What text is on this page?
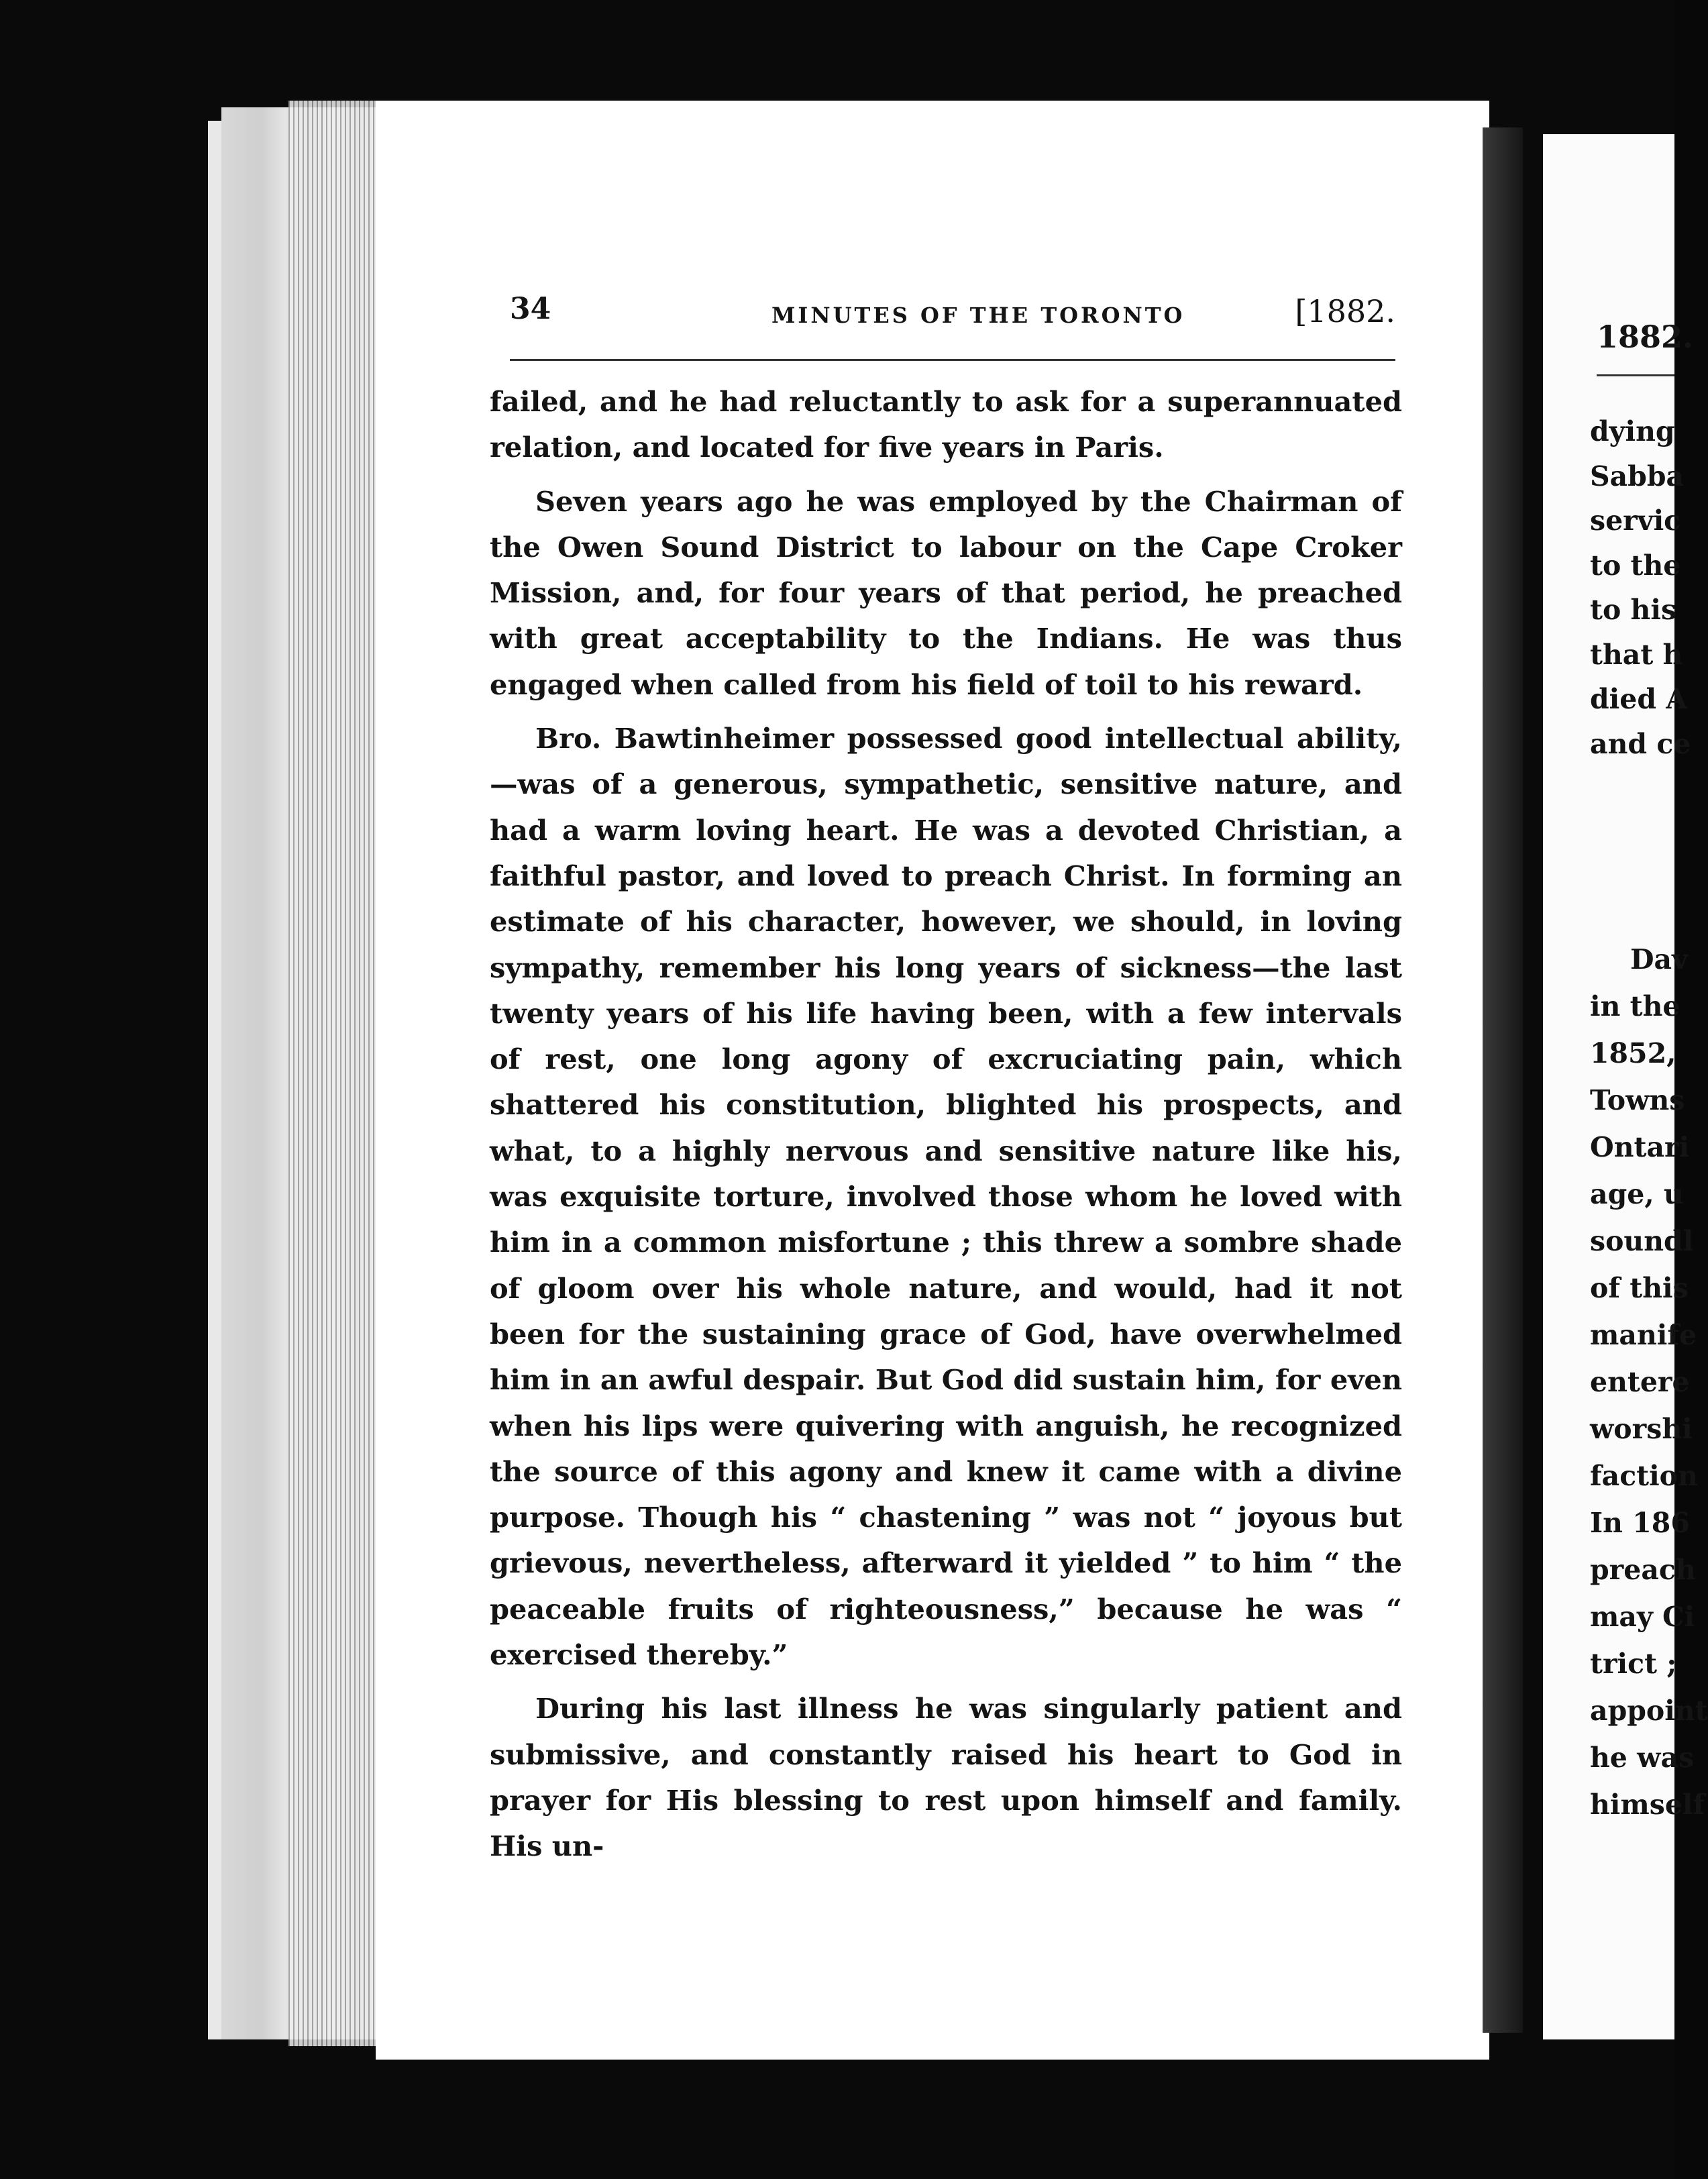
34	MINUTES OF THE TORONTO	[1882.

failed, and he had reluctantly to ask for a superannuated relation, and located for five years in Paris.

Seven years ago he was employed by the Chairman of the Owen Sound District to labour on the Cape Croker Mission, and, for four years of that period, he preached with great acceptability to the Indians. He was thus engaged when called from his field of toil to his reward.

Bro. Bawtinheimer possessed good intellectual ability,—was of a generous, sympathetic, sensitive nature, and had a warm loving heart. He was a devoted Christian, a faithful pastor, and loved to preach Christ. In forming an estimate of his character, however, we should, in loving sympathy, remember his long years of sickness—the last twenty years of his life having been, with a few intervals of rest, one long agony of excruciating pain, which shattered his constitution, blighted his prospects, and what, to a highly nervous and sensitive nature like his, was exquisite torture, involved those whom he loved with him in a common misfortune ; this threw a sombre shade of gloom over his whole nature, and would, had it not been for the sustaining grace of God, have overwhelmed him in an awful despair. But God did sustain him, for even when his lips were quivering with anguish, he recognized the source of this agony and knew it came with a divine purpose. Though his “ chastening ” was not “ joyous but grievous, nevertheless, afterward it yielded ” to him “ the peaceable fruits of righteousness,” because he was “ exercised thereby.”

During his last illness he was singularly patient and submissive, and constantly raised his heart to God in prayer for His blessing to rest upon himself and family. His un-

1882.
dying
Sabba
servic
to the
to his
that h
died A
and ce
Dav
in the
1852,
Towns
Ontari
age, u
soundl
of this
manife
entere
worshi
faction
In 186
preach
may Ci
trict ;
appoint
he was
himself
